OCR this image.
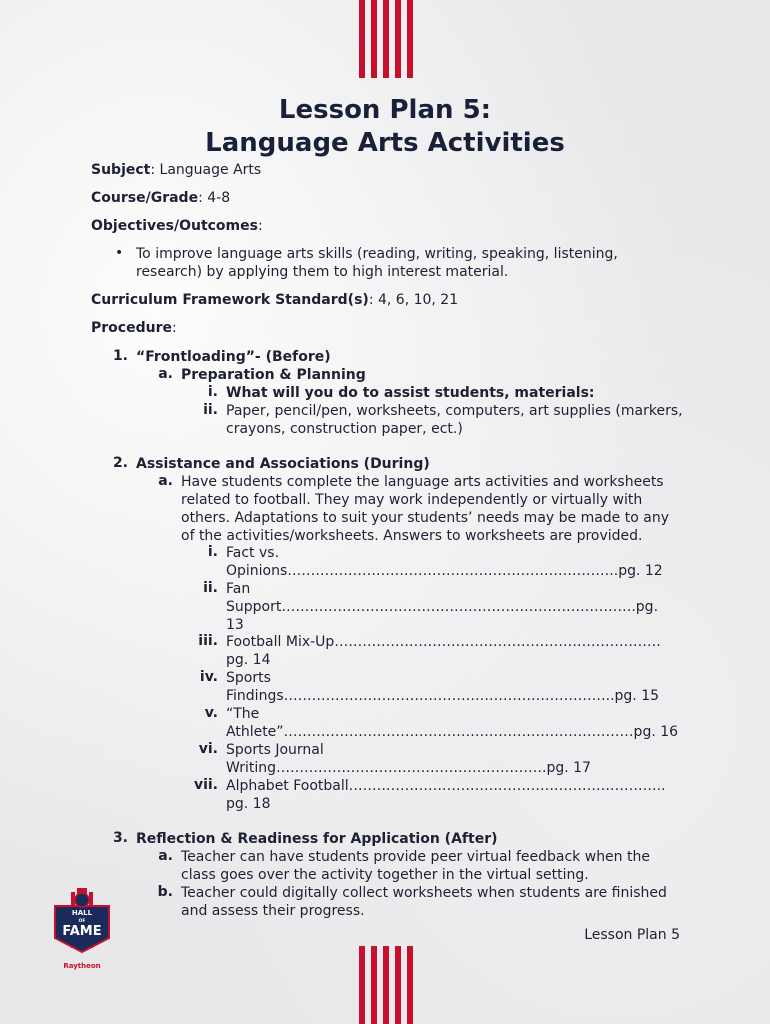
Lesson Plan 5:
Language Arts Activities
Subject: Language Arts
Course/Grade: 4-8
Objectives/Outcomes:
• To improve language arts skills (reading, writing, speaking, listening,
research) by applying them to high interest material.
Curriculum Framework Standard(s): 4, 6, 10, 21
Procedure:
1. “Frontloading”- (Before)
a. Preparation & Planning
i. What will you do to assist students, materials:
ii. Paper, pencil/pen, worksheets, computers, art supplies (markers,
crayons, construction paper, ect.)
2. Assistance and Associations (During)
a. Have students complete the language arts activities and worksheets
related to football. They may work independently or virtually with
others. Adaptations to suit your students’ needs may be made to any
of the activities/worksheets. Answers to worksheets are provided.
i. Fact vs.
Opinions……………………………………………………………..pg. 12
ii. Fan
Support………………………………………………………………….pg.
13
iii. Football Mix-Up…………………………………………………………….
pg. 14
iv. Sports
Findings……………………………………………………………..pg. 15
v. “The
Athlete”…………………………………………………………………pg. 16
vi. Sports Journal
Writing………………………………………………….pg. 17
vii. Alphabet Football…………………………………………………………..
pg. 18
3. Reflection & Readiness for Application (After)
a. Teacher can have students provide peer virtual feedback when the
class goes over the activity together in the virtual setting.
b. Teacher could digitally collect worksheets when students are finished
and assess their progress.
Lesson Plan 5
HALL
OF
FAME
Raytheon
